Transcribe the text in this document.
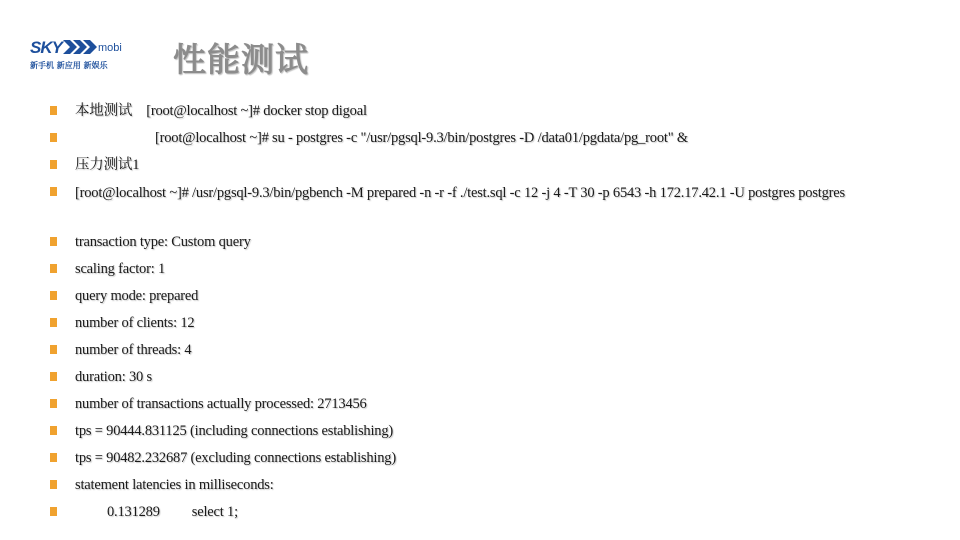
SKY	$^{mobi}$
新手机 新应用 新娱乐 性能测试
本地测试 [root@localhost ~]# docker stop digoal
[root@localhost ~]# su - postgres -c "/usr/pgsql-9.3/bin/postgres -D /data01/pgdata/pg_root" &
压力测试1
[root@localhost ~]# /usr/pgsql-9.3/bin/pgbench -M prepared -n -r -f ./test.sql -c 12 -j 4 -T 30 -p 6543 -h 172.17.42.1 -U postgres postgres
transaction type: Custom query
scaling factor: 1
query mode: prepared
number of clients: 12
number of threads: 4
duration: 30 s
number of transactions actually processed: 2713456
tps = 90444.831125 (including connections establishing)
tps = 90482.232687 (excluding connections establishing)
statement latencies in milliseconds:
0.131289 select 1;
